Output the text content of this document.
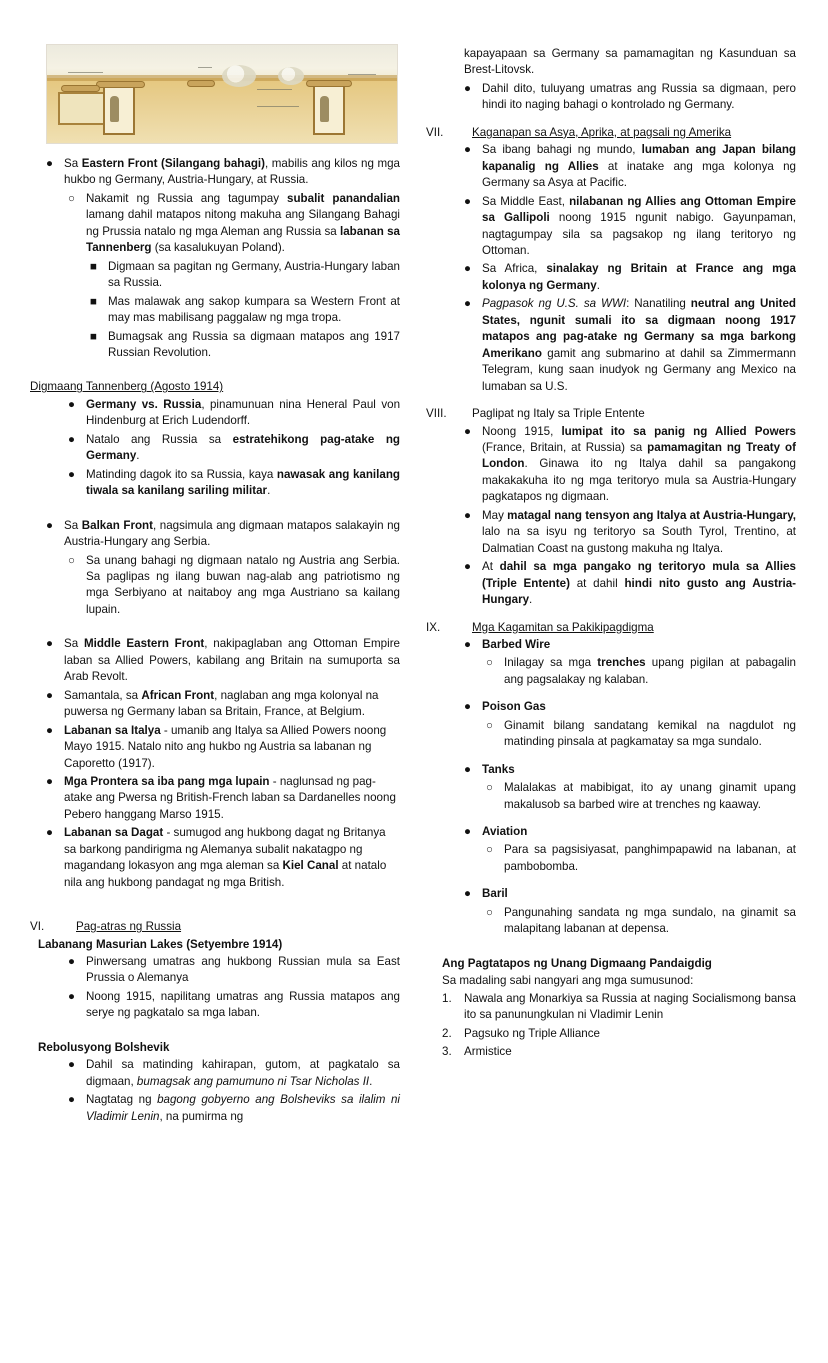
● Sa Eastern Front (Silangang bahagi), mabilis ang kilos ng mga hukbo ng Germany, Austria-Hungary, at Russia.

○ Nakamit ng Russia ang tagumpay subalit panandalian lamang dahil matapos nitong makuha ang Silangang Bahagi ng Prussia natalo ng mga Aleman ang Russia sa labanan sa Tannenberg (sa kasalukuyan Poland).

■ Digmaan sa pagitan ng Germany, Austria-Hungary laban sa Russia.

■ Mas malawak ang sakop kumpara sa Western Front at may mas mabilisang paggalaw ng mga tropa.

■ Bumagsak ang Russia sa digmaan matapos ang 1917 Russian Revolution.

Digmaang Tannenberg (Agosto 1914)
● Germany vs. Russia, pinamunuan nina Heneral Paul von Hindenburg at Erich Ludendorff.

● Natalo ang Russia sa estratehikong pag-atake ng Germany.

● Matinding dagok ito sa Russia, kaya nawasak ang kanilang tiwala sa kanilang sariling militar.

● Sa Balkan Front, nagsimula ang digmaan matapos salakayin ng Austria-Hungary ang Serbia.

○ Sa unang bahagi ng digmaan natalo ng Austria ang Serbia. Sa paglipas ng ilang buwan nag-alab ang patriotismo ng mga Serbiyano at naitaboy ang mga Austriano sa kailang lupain.

● Sa Middle Eastern Front, nakipaglaban ang Ottoman Empire laban sa Allied Powers, kabilang ang Britain na sumuporta sa Arab Revolt.

● Samantala, sa African Front, naglaban ang mga kolonyal na puwersa ng Germany laban sa Britain, France, at Belgium.

● Labanan sa Italya - umanib ang Italya sa Allied Powers noong Mayo 1915. Natalo nito ang hukbo ng Austria sa labanan ng Caporetto (1917).

● Mga Prontera sa iba pang mga lupain - naglunsad ng pag-atake ang Pwersa ng British-French laban sa Dardanelles noong Pebero hanggang Marso 1915.

● Labanan sa Dagat - sumugod ang hukbong dagat ng Britanya sa barkong pandirigma ng Alemanya subalit nakatagpo ng magandang lokasyon ang mga aleman sa Kiel Canal at natalo nila ang hukbong pandagat ng mga British.

VI.	Pag-atras ng Russia
Labanang Masurian Lakes (Setyembre 1914)
● Pinwersang umatras ang hukbong Russian mula sa East Prussia o Alemanya

● Noong 1915, napilitang umatras ang Russia matapos ang serye ng pagkatalo sa mga laban.

Rebolusyong Bolshevik
● Dahil sa matinding kahirapan, gutom, at pagkatalo sa digmaan, bumagsak ang pamumuno ni Tsar Nicholas II.

● Nagtatag ng bagong gobyerno ang Bolsheviks sa ilalim ni Vladimir Lenin, na pumirma ng

kapayapaan sa Germany sa pamamagitan ng Kasunduan sa Brest-Litovsk.

● Dahil dito, tuluyang umatras ang Russia sa digmaan, pero hindi ito naging bahagi o kontrolado ng Germany.

VII.	Kaganapan sa Asya, Aprika, at pagsali ng Amerika
● Sa ibang bahagi ng mundo, lumaban ang Japan bilang kapanalig ng Allies at inatake ang mga kolonya ng Germany sa Asya at Pacific.

● Sa Middle East, nilabanan ng Allies ang Ottoman Empire sa Gallipoli noong 1915 ngunit nabigo. Gayunpaman, nagtagumpay sila sa pagsakop ng ilang teritoryo ng Ottoman.

● Sa Africa, sinalakay ng Britain at France ang mga kolonya ng Germany.

● Pagpasok ng U.S. sa WWI: Nanatiling neutral ang United States, ngunit sumali ito sa digmaan noong 1917 matapos ang pag-atake ng Germany sa mga barkong Amerikano gamit ang submarino at dahil sa Zimmermann Telegram, kung saan inudyok ng Germany ang Mexico na lumaban sa U.S.

VIII.	Paglipat ng Italy sa Triple Entente
● Noong 1915, lumipat ito sa panig ng Allied Powers (France, Britain, at Russia) sa pamamagitan ng Treaty of London. Ginawa ito ng Italya dahil sa pangakong makakakuha ito ng mga teritoryo mula sa Austria-Hungary pagkatapos ng digmaan.

● May matagal nang tensyon ang Italya at Austria-Hungary, lalo na sa isyu ng teritoryo sa South Tyrol, Trentino, at Dalmatian Coast na gustong makuha ng Italya.

● At dahil sa mga pangako ng teritoryo mula sa Allies (Triple Entente) at dahil hindi nito gusto ang Austria-Hungary.

IX.	Mga Kagamitan sa Pakikipagdigma
● Barbed Wire

○ Inilagay sa mga trenches upang pigilan at pabagalin ang pagsalakay ng kalaban.

● Poison Gas

○ Ginamit bilang sandatang kemikal na nagdulot ng matinding pinsala at pagkamatay sa mga sundalo.

● Tanks

○ Malalakas at mabibigat, ito ay unang ginamit upang makalusob sa barbed wire at trenches ng kaaway.

● Aviation

○ Para sa pagsisiyasat, panghimpapawid na labanan, at pambobomba.

● Baril

○ Pangunahing sandata ng mga sundalo, na ginamit sa malapitang labanan at depensa.

Ang Pagtatapos ng Unang Digmaang Pandaigdig
Sa madaling sabi nangyari ang mga sumusunod:
1.	Nawala ang Monarkiya sa Russia at naging Socialismong bansa ito sa panunungkulan ni Vladimir Lenin

2.	Pagsuko ng Triple Alliance

3.	Armistice
